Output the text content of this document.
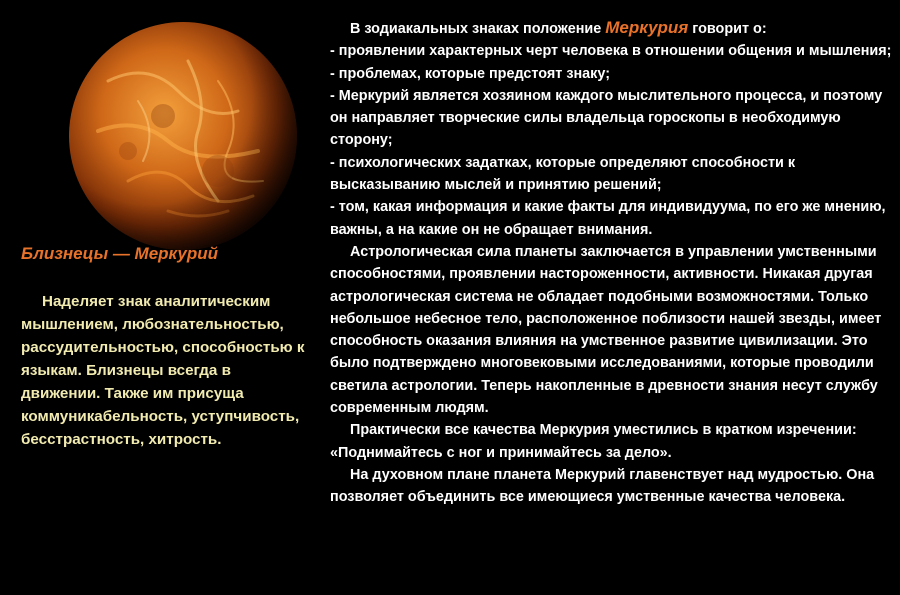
Близнецы — Меркурий

Наделяет знак аналитическим мышлением, любознательностью, рассудительностью, способностью к языкам. Близнецы всегда в движении. Также им присуща коммуникабельность, уступчивость, бесстрастность, хитрость.

В зодиакальных знаках положение Меркурия говорит о:

- проявлении характерных черт человека в отношении общения и мышления;

- проблемах, которые предстоят знаку;

- Меркурий является хозяином каждого мыслительного процесса, и поэтому он направляет творческие силы владельца гороскопы в необходимую сторону;

- психологических задатках, которые определяют способности к высказыванию мыслей и принятию решений;

- том, какая информация и какие факты для индивидуума, по его же мнению, важны, а на какие он не обращает внимания.

Астрологическая сила планеты заключается в управлении умственными способностями, проявлении настороженности, активности. Никакая другая астрологическая система не обладает подобными возможностями. Только небольшое небесное тело, расположенное поблизости нашей звезды, имеет способность оказания влияния на умственное развитие цивилизации. Это было подтверждено многовековыми исследованиями, которые проводили светила астрологии. Теперь накопленные в древности знания несут службу современным людям.

Практически все качества Меркурия уместились в кратком изречении: «Поднимайтесь с ног и принимайтесь за дело».

На духовном плане планета Меркурий главенствует над мудростью. Она позволяет объединить все имеющиеся умственные качества человека.
